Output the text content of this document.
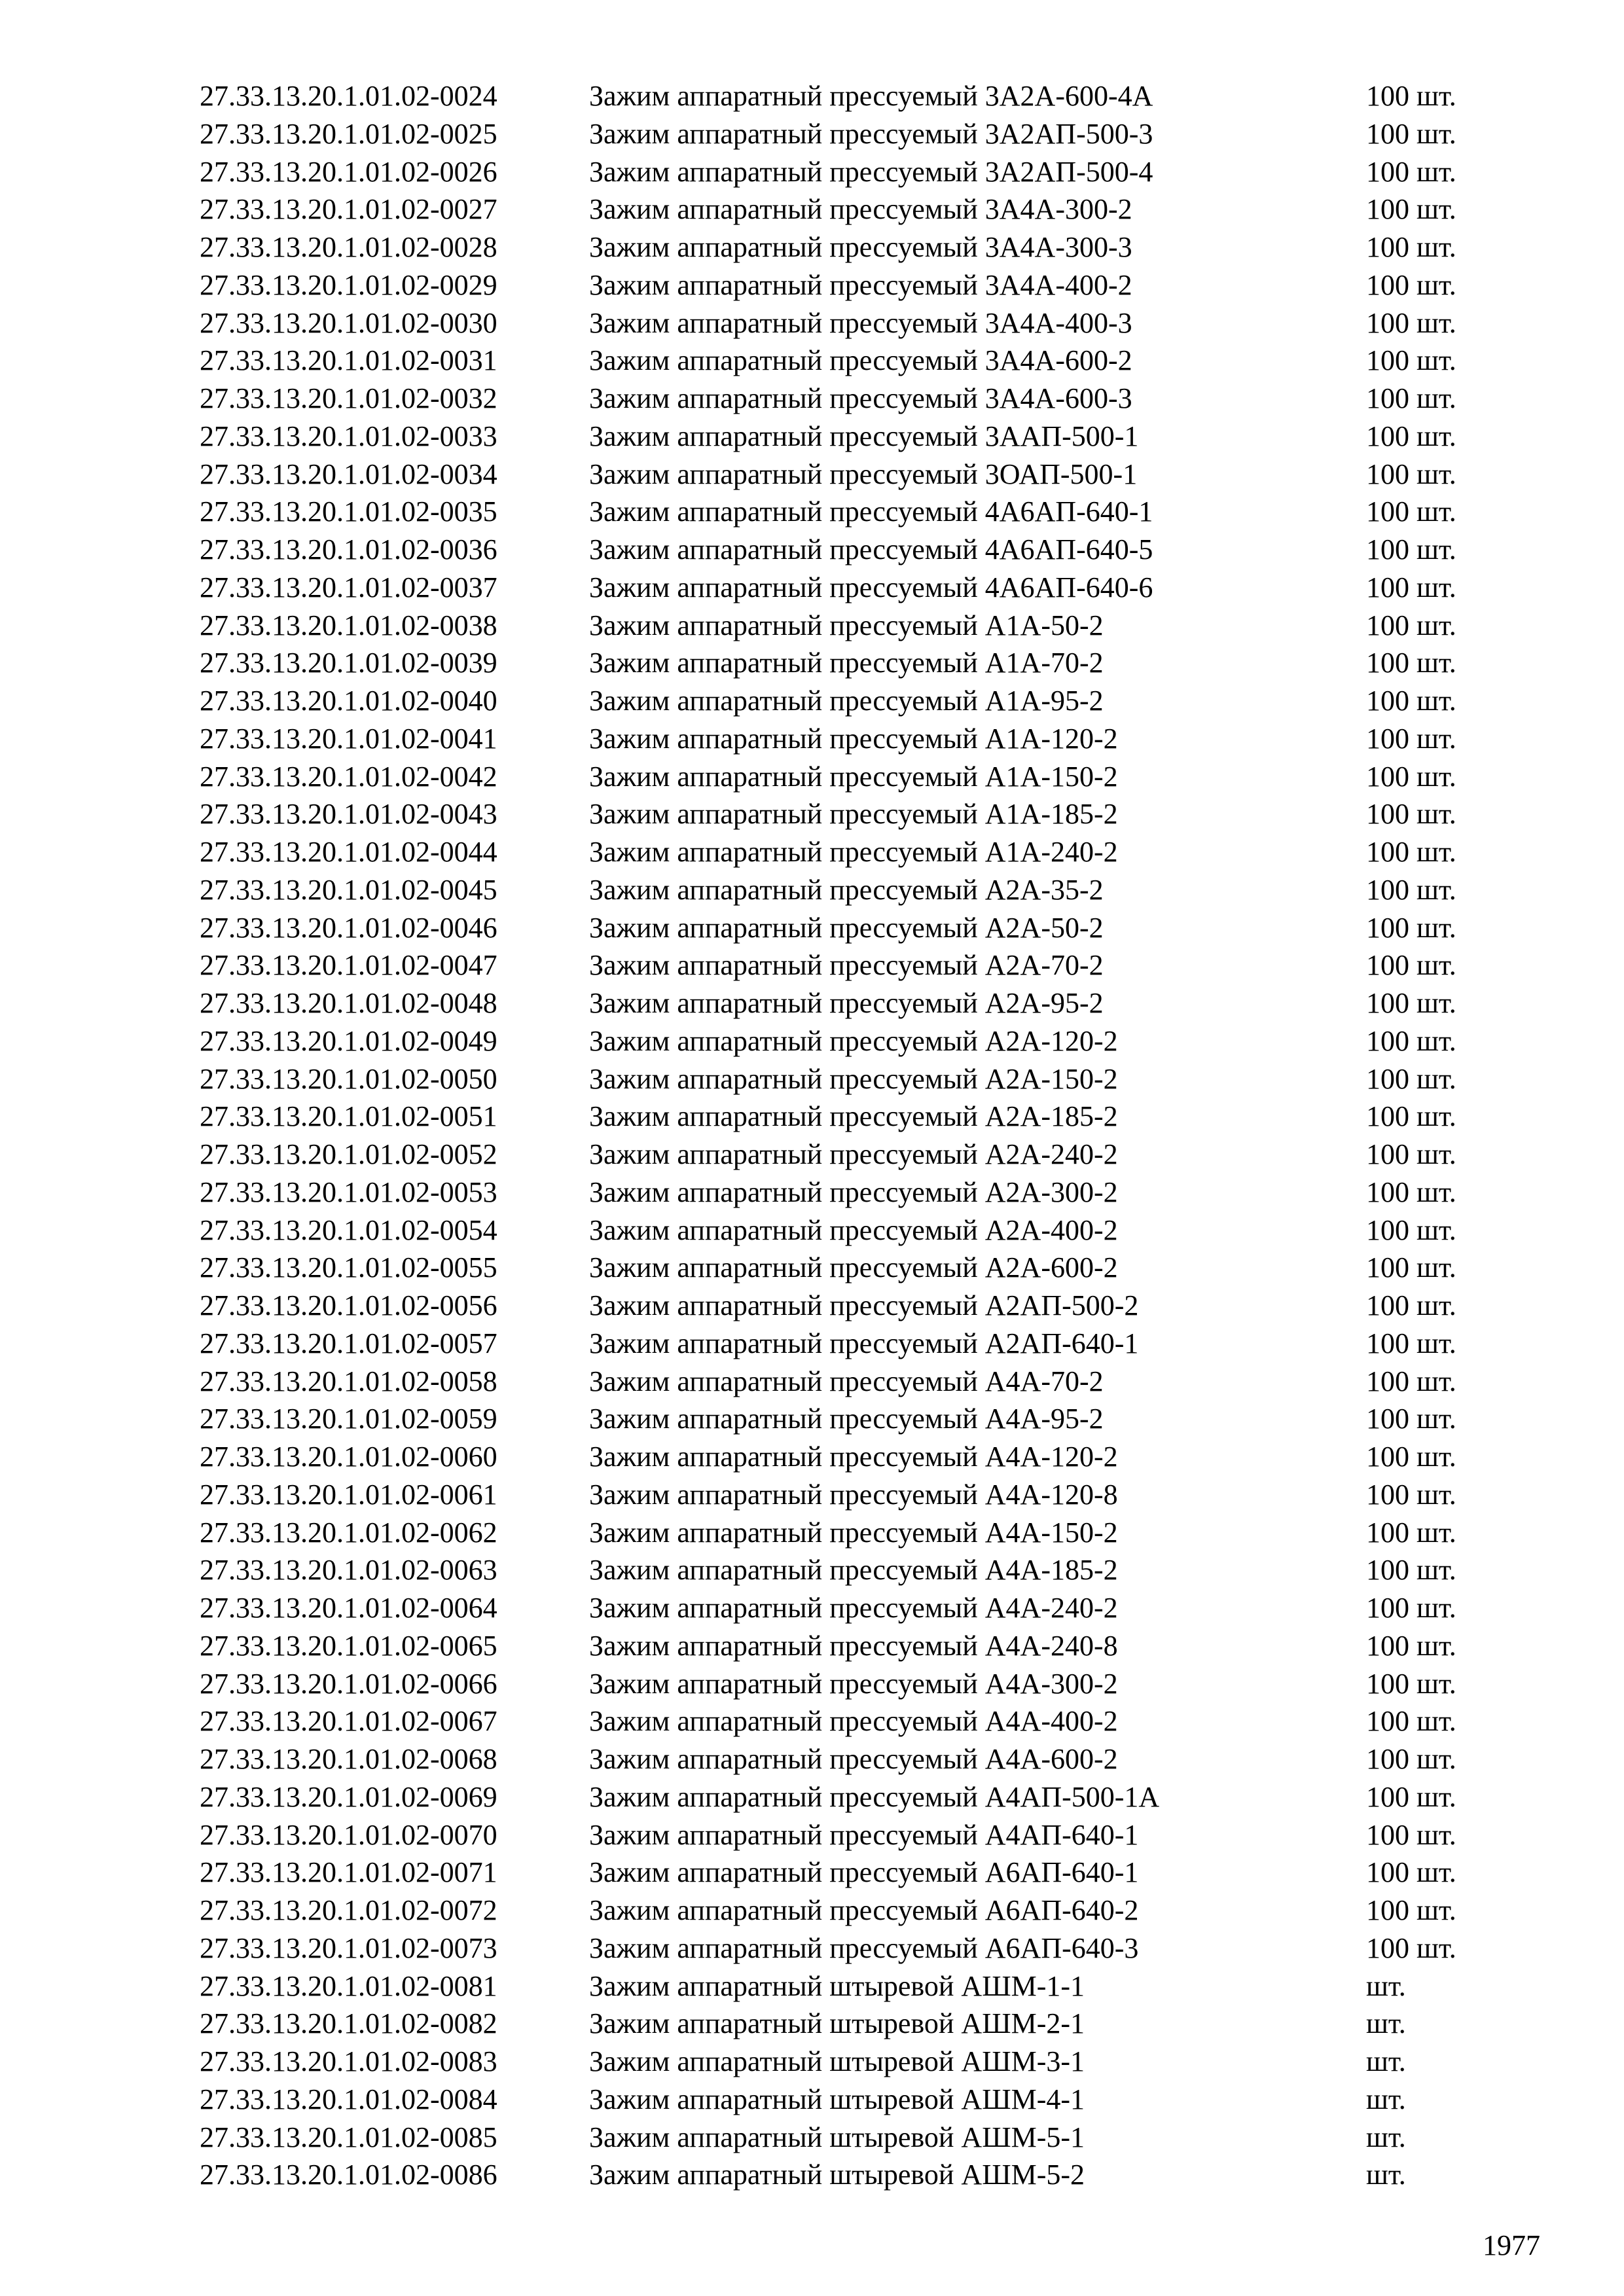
27.33.13.20.1.01.02-0024	Зажим аппаратный прессуемый 3А2А-600-4А	100 шт.
27.33.13.20.1.01.02-0025	Зажим аппаратный прессуемый 3А2АП-500-3	100 шт.
27.33.13.20.1.01.02-0026	Зажим аппаратный прессуемый 3А2АП-500-4	100 шт.
27.33.13.20.1.01.02-0027	Зажим аппаратный прессуемый 3А4А-300-2	100 шт.
27.33.13.20.1.01.02-0028	Зажим аппаратный прессуемый 3А4А-300-3	100 шт.
27.33.13.20.1.01.02-0029	Зажим аппаратный прессуемый 3А4А-400-2	100 шт.
27.33.13.20.1.01.02-0030	Зажим аппаратный прессуемый 3А4А-400-3	100 шт.
27.33.13.20.1.01.02-0031	Зажим аппаратный прессуемый 3А4А-600-2	100 шт.
27.33.13.20.1.01.02-0032	Зажим аппаратный прессуемый 3А4А-600-3	100 шт.
27.33.13.20.1.01.02-0033	Зажим аппаратный прессуемый 3ААП-500-1	100 шт.
27.33.13.20.1.01.02-0034	Зажим аппаратный прессуемый 3ОАП-500-1	100 шт.
27.33.13.20.1.01.02-0035	Зажим аппаратный прессуемый 4А6АП-640-1	100 шт.
27.33.13.20.1.01.02-0036	Зажим аппаратный прессуемый 4А6АП-640-5	100 шт.
27.33.13.20.1.01.02-0037	Зажим аппаратный прессуемый 4А6АП-640-6	100 шт.
27.33.13.20.1.01.02-0038	Зажим аппаратный прессуемый А1А-50-2	100 шт.
27.33.13.20.1.01.02-0039	Зажим аппаратный прессуемый А1А-70-2	100 шт.
27.33.13.20.1.01.02-0040	Зажим аппаратный прессуемый А1А-95-2	100 шт.
27.33.13.20.1.01.02-0041	Зажим аппаратный прессуемый А1А-120-2	100 шт.
27.33.13.20.1.01.02-0042	Зажим аппаратный прессуемый А1А-150-2	100 шт.
27.33.13.20.1.01.02-0043	Зажим аппаратный прессуемый А1А-185-2	100 шт.
27.33.13.20.1.01.02-0044	Зажим аппаратный прессуемый А1А-240-2	100 шт.
27.33.13.20.1.01.02-0045	Зажим аппаратный прессуемый А2А-35-2	100 шт.
27.33.13.20.1.01.02-0046	Зажим аппаратный прессуемый А2А-50-2	100 шт.
27.33.13.20.1.01.02-0047	Зажим аппаратный прессуемый А2А-70-2	100 шт.
27.33.13.20.1.01.02-0048	Зажим аппаратный прессуемый А2А-95-2	100 шт.
27.33.13.20.1.01.02-0049	Зажим аппаратный прессуемый А2А-120-2	100 шт.
27.33.13.20.1.01.02-0050	Зажим аппаратный прессуемый А2А-150-2	100 шт.
27.33.13.20.1.01.02-0051	Зажим аппаратный прессуемый А2А-185-2	100 шт.
27.33.13.20.1.01.02-0052	Зажим аппаратный прессуемый А2А-240-2	100 шт.
27.33.13.20.1.01.02-0053	Зажим аппаратный прессуемый А2А-300-2	100 шт.
27.33.13.20.1.01.02-0054	Зажим аппаратный прессуемый А2А-400-2	100 шт.
27.33.13.20.1.01.02-0055	Зажим аппаратный прессуемый А2А-600-2	100 шт.
27.33.13.20.1.01.02-0056	Зажим аппаратный прессуемый А2АП-500-2	100 шт.
27.33.13.20.1.01.02-0057	Зажим аппаратный прессуемый А2АП-640-1	100 шт.
27.33.13.20.1.01.02-0058	Зажим аппаратный прессуемый А4А-70-2	100 шт.
27.33.13.20.1.01.02-0059	Зажим аппаратный прессуемый А4А-95-2	100 шт.
27.33.13.20.1.01.02-0060	Зажим аппаратный прессуемый А4А-120-2	100 шт.
27.33.13.20.1.01.02-0061	Зажим аппаратный прессуемый А4А-120-8	100 шт.
27.33.13.20.1.01.02-0062	Зажим аппаратный прессуемый А4А-150-2	100 шт.
27.33.13.20.1.01.02-0063	Зажим аппаратный прессуемый А4А-185-2	100 шт.
27.33.13.20.1.01.02-0064	Зажим аппаратный прессуемый А4А-240-2	100 шт.
27.33.13.20.1.01.02-0065	Зажим аппаратный прессуемый А4А-240-8	100 шт.
27.33.13.20.1.01.02-0066	Зажим аппаратный прессуемый А4А-300-2	100 шт.
27.33.13.20.1.01.02-0067	Зажим аппаратный прессуемый А4А-400-2	100 шт.
27.33.13.20.1.01.02-0068	Зажим аппаратный прессуемый А4А-600-2	100 шт.
27.33.13.20.1.01.02-0069	Зажим аппаратный прессуемый А4АП-500-1А	100 шт.
27.33.13.20.1.01.02-0070	Зажим аппаратный прессуемый А4АП-640-1	100 шт.
27.33.13.20.1.01.02-0071	Зажим аппаратный прессуемый А6АП-640-1	100 шт.
27.33.13.20.1.01.02-0072	Зажим аппаратный прессуемый А6АП-640-2	100 шт.
27.33.13.20.1.01.02-0073	Зажим аппаратный прессуемый А6АП-640-3	100 шт.
27.33.13.20.1.01.02-0081	Зажим аппаратный штыревой АШМ-1-1	шт.
27.33.13.20.1.01.02-0082	Зажим аппаратный штыревой АШМ-2-1	шт.
27.33.13.20.1.01.02-0083	Зажим аппаратный штыревой АШМ-3-1	шт.
27.33.13.20.1.01.02-0084	Зажим аппаратный штыревой АШМ-4-1	шт.
27.33.13.20.1.01.02-0085	Зажим аппаратный штыревой АШМ-5-1	шт.
27.33.13.20.1.01.02-0086	Зажим аппаратный штыревой АШМ-5-2	шт.
1977
